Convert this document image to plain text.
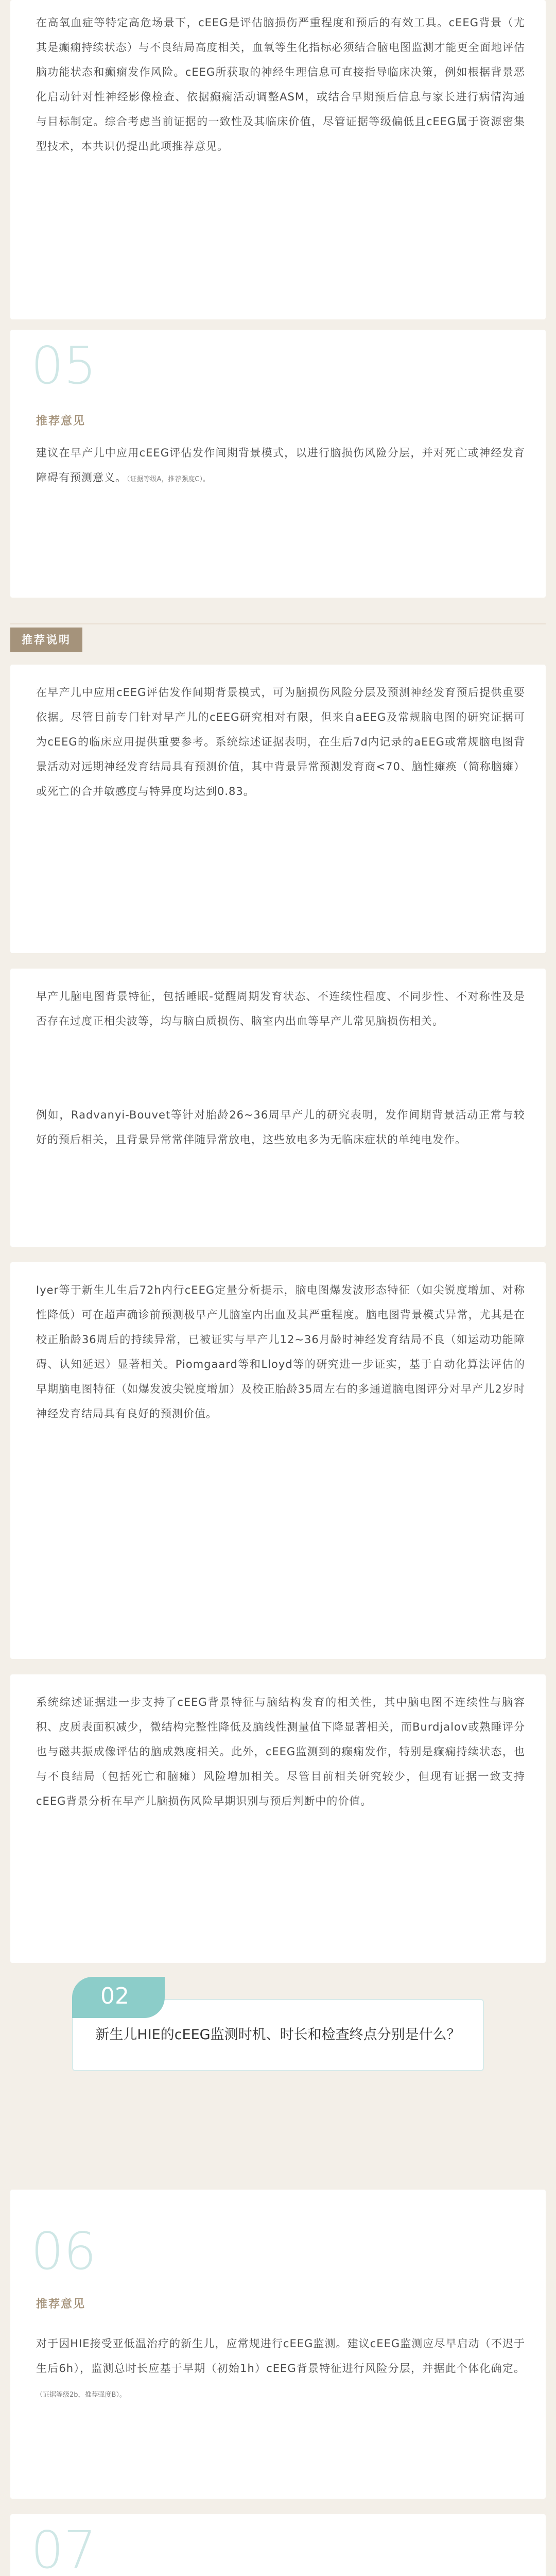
在高氧血症等特定高危场景下，cEEG是评估脑损伤严重程度和预后的有效工具。cEEG背景（尤其是癫痫持续状态）与不良结局高度相关，血氧等生化指标必须结合脑电图监测才能更全面地评估脑功能状态和癫痫发作风险。cEEG所获取的神经生理信息可直接指导临床决策，例如根据背景恶化启动针对性神经影像检查、依据癫痫活动调整ASM，或结合早期预后信息与家长进行病情沟通与目标制定。综合考虑当前证据的一致性及其临床价值，尽管证据等级偏低且cEEG属于资源密集型技术，本共识仍提出此项推荐意见。

05
推荐意见

建议在早产儿中应用cEEG评估发作间期背景模式，以进行脑损伤风险分层，并对死亡或神经发育障碍有预测意义。（证据等级A，推荐强度C）。

推荐说明

在早产儿中应用cEEG评估发作间期背景模式，可为脑损伤风险分层及预测神经发育预后提供重要依据。尽管目前专门针对早产儿的cEEG研究相对有限，但来自aEEG及常规脑电图的研究证据可为cEEG的临床应用提供重要参考。系统综述证据表明，在生后7d内记录的aEEG或常规脑电图背景活动对远期神经发育结局具有预测价值，其中背景异常预测发育商<70、脑性瘫痪（简称脑瘫）或死亡的合并敏感度与特异度均达到0.83。

早产儿脑电图背景特征，包括睡眠-觉醒周期发育状态、不连续性程度、不同步性、不对称性及是否存在过度正相尖波等，均与脑白质损伤、脑室内出血等早产儿常见脑损伤相关。

例如，Radvanyi-Bouvet等针对胎龄26~36周早产儿的研究表明，发作间期背景活动正常与较好的预后相关，且背景异常常伴随异常放电，这些放电多为无临床症状的单纯电发作。

Iyer等于新生儿生后72h内行cEEG定量分析提示，脑电图爆发波形态特征（如尖锐度增加、对称性降低）可在超声确诊前预测极早产儿脑室内出血及其严重程度。脑电图背景模式异常，尤其是在校正胎龄36周后的持续异常，已被证实与早产儿12~36月龄时神经发育结局不良（如运动功能障碍、认知延迟）显著相关。Piomgaard等和Lloyd等的研究进一步证实，基于自动化算法评估的早期脑电图特征（如爆发波尖锐度增加）及校正胎龄35周左右的多通道脑电图评分对早产儿2岁时神经发育结局具有良好的预测价值。

系统综述证据进一步支持了cEEG背景特征与脑结构发育的相关性，其中脑电图不连续性与脑容积、皮质表面积减少，微结构完整性降低及脑线性测量值下降显著相关，而Burdjalov或熟睡评分也与磁共振成像评估的脑成熟度相关。此外，cEEG监测到的癫痫发作，特别是癫痫持续状态，也与不良结局（包括死亡和脑瘫）风险增加相关。尽管目前相关研究较少，但现有证据一致支持cEEG背景分析在早产儿脑损伤风险早期识别与预后判断中的价值。

02
新生儿HIE的cEEG监测时机、时长和检查终点分别是什么？
06
推荐意见

对于因HIE接受亚低温治疗的新生儿，应常规进行cEEG监测。建议cEEG监测应尽早启动（不迟于生后6h），监测总时长应基于早期（初始1h）cEEG背景特征进行风险分层，并据此个体化确定。（证据等级2b，推荐强度B）。

07
